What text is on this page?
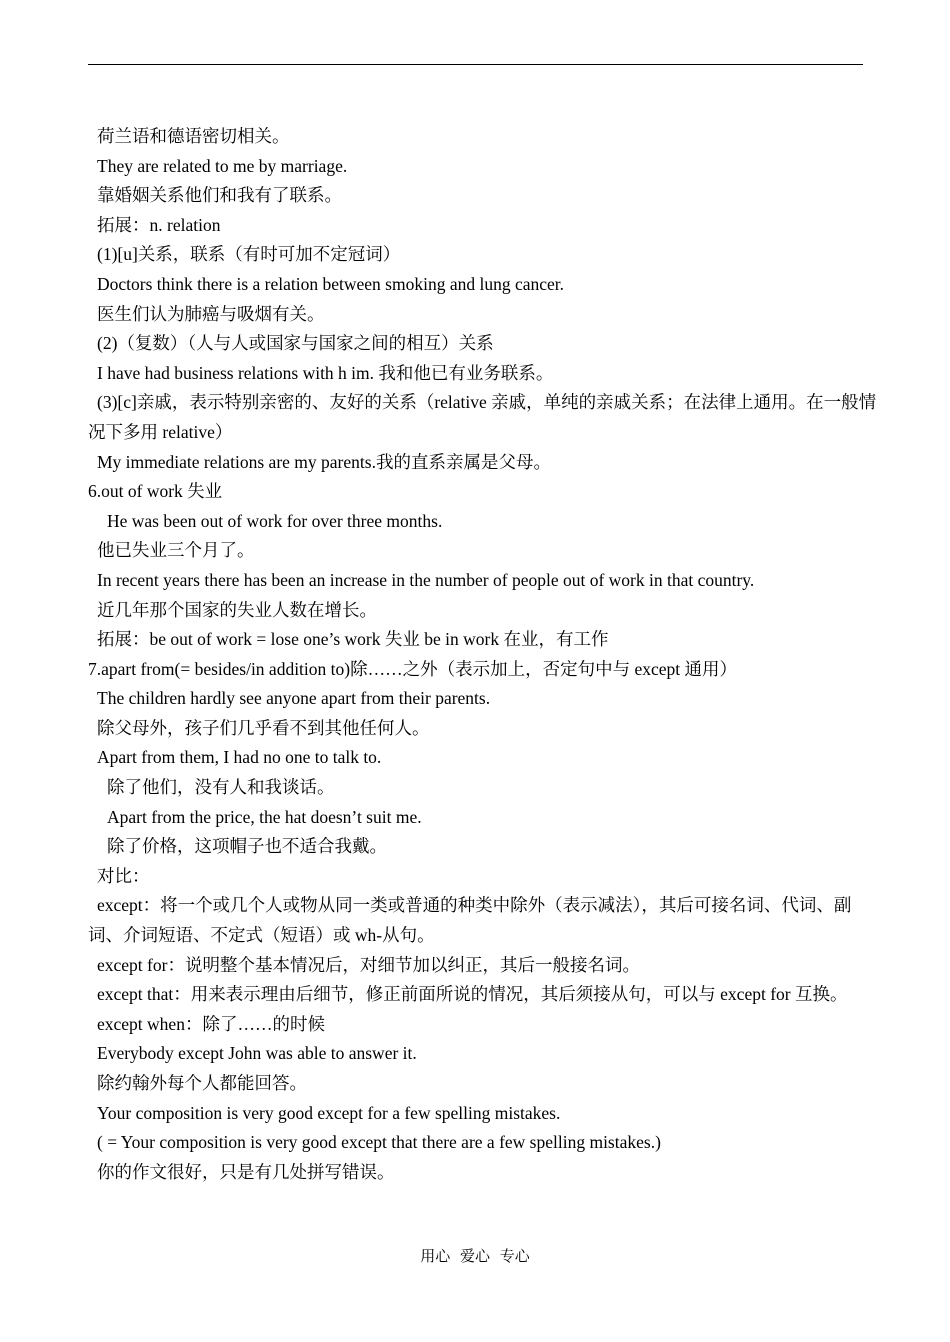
荷兰语和德语密切相关。
They are related to me by marriage.
靠婚姻关系他们和我有了联系。
拓展：n. relation
(1)[u]关系，联系（有时可加不定冠词）
Doctors think there is a relation between smoking and lung cancer.
医生们认为肺癌与吸烟有关。
(2)（复数）（人与人或国家与国家之间的相互）关系
I have had business relations with h im. 我和他已有业务联系。
(3)[c]亲戚，表示特别亲密的、友好的关系（relative 亲戚，单纯的亲戚关系；在法律上通用。在一般情况下多用 relative）
My immediate relations are my parents.我的直系亲属是父母。
6.out of work 失业
He was been out of work for over three months.
他已失业三个月了。
In recent years there has been an increase in the number of people out of work in that country.
近几年那个国家的失业人数在增长。
拓展：be out of work = lose one’s work 失业 be in work 在业，有工作
7.apart from(= besides/in addition to)除……之外（表示加上，否定句中与 except 通用）
The children hardly see anyone apart from their parents.
除父母外，孩子们几乎看不到其他任何人。
Apart from them, I had no one to talk to.
除了他们，没有人和我谈话。
Apart from the price, the hat doesn’t suit me.
除了价格，这项帽子也不适合我戴。
对比：
except：将一个或几个人或物从同一类或普通的种类中除外（表示减法），其后可接名词、代词、副词、介词短语、不定式（短语）或 wh-从句。
except for：说明整个基本情况后，对细节加以纠正，其后一般接名词。
except that：用来表示理由后细节，修正前面所说的情况，其后须接从句，可以与 except for 互换。
except when：除了……的时候
Everybody except John was able to answer it.
除约翰外每个人都能回答。
Your composition is very good except for a few spelling mistakes.
( = Your composition is very good except that there are a few spelling mistakes.)
你的作文很好，只是有几处拼写错误。
用心 爱心 专心
